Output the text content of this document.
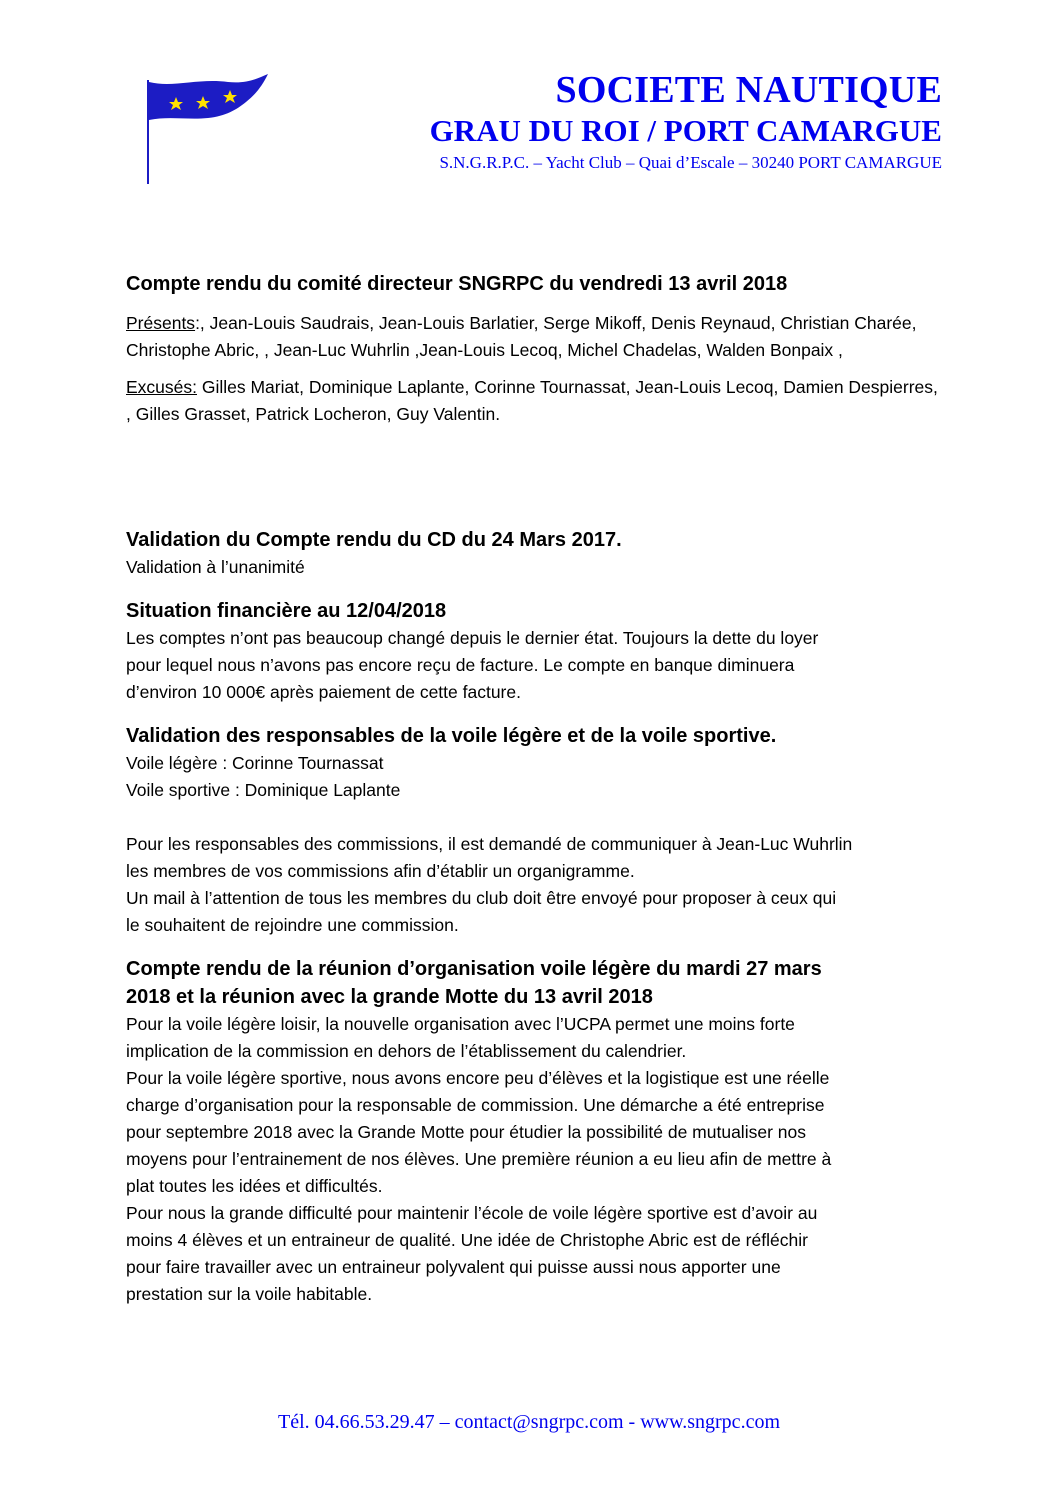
SOCIETE NAUTIQUE
GRAU DU ROI / PORT CAMARGUE
S.N.G.R.P.C. – Yacht Club – Quai d’Escale – 30240 PORT CAMARGUE
Compte rendu du comité directeur SNGRPC du vendredi 13 avril 2018
Présents:, Jean-Louis Saudrais, Jean-Louis Barlatier, Serge Mikoff, Denis Reynaud, Christian Charée, Christophe Abric, , Jean-Luc Wuhrlin ,Jean-Louis Lecoq, Michel Chadelas, Walden Bonpaix ,
Excusés: Gilles Mariat, Dominique Laplante, Corinne Tournassat, Jean-Louis Lecoq, Damien Despierres, , Gilles Grasset, Patrick Locheron, Guy Valentin.
Validation du Compte rendu du CD du 24 Mars 2017.
Validation à l’unanimité
Situation financière au 12/04/2018
Les comptes n’ont pas beaucoup changé depuis le dernier état. Toujours la dette du loyer
pour lequel nous n’avons pas encore reçu de facture. Le compte en banque diminuera
d’environ 10 000€ après paiement de cette facture.
Validation des responsables de la voile légère et de la voile sportive.
Voile légère : Corinne Tournassat
Voile sportive : Dominique Laplante
Pour les responsables des commissions, il est demandé de communiquer à Jean-Luc Wuhrlin
les membres de vos commissions afin d’établir un organigramme.
Un mail à l’attention de tous les membres du club doit être envoyé pour proposer à ceux qui
le souhaitent de rejoindre une commission.
Compte rendu de la réunion d’organisation voile légère du mardi 27 mars
2018 et la réunion avec la grande Motte du 13 avril 2018
Pour la voile légère loisir, la nouvelle organisation avec l’UCPA permet une moins forte
implication de la commission en dehors de l’établissement du calendrier.
Pour la voile légère sportive, nous avons encore peu d’élèves et la logistique est une réelle
charge d’organisation pour la responsable de commission. Une démarche a été entreprise
pour septembre 2018 avec la Grande Motte pour étudier la possibilité de mutualiser nos
moyens pour l’entrainement de nos élèves. Une première réunion a eu lieu afin de mettre à
plat toutes les idées et difficultés.
Pour nous la grande difficulté pour maintenir l’école de voile légère sportive est d’avoir au
moins 4 élèves et un entraineur de qualité. Une idée de Christophe Abric est de réfléchir
pour faire travailler avec un entraineur polyvalent qui puisse aussi nous apporter une
prestation sur la voile habitable.
Tél. 04.66.53.29.47 – contact@sngrpc.com - www.sngrpc.com
